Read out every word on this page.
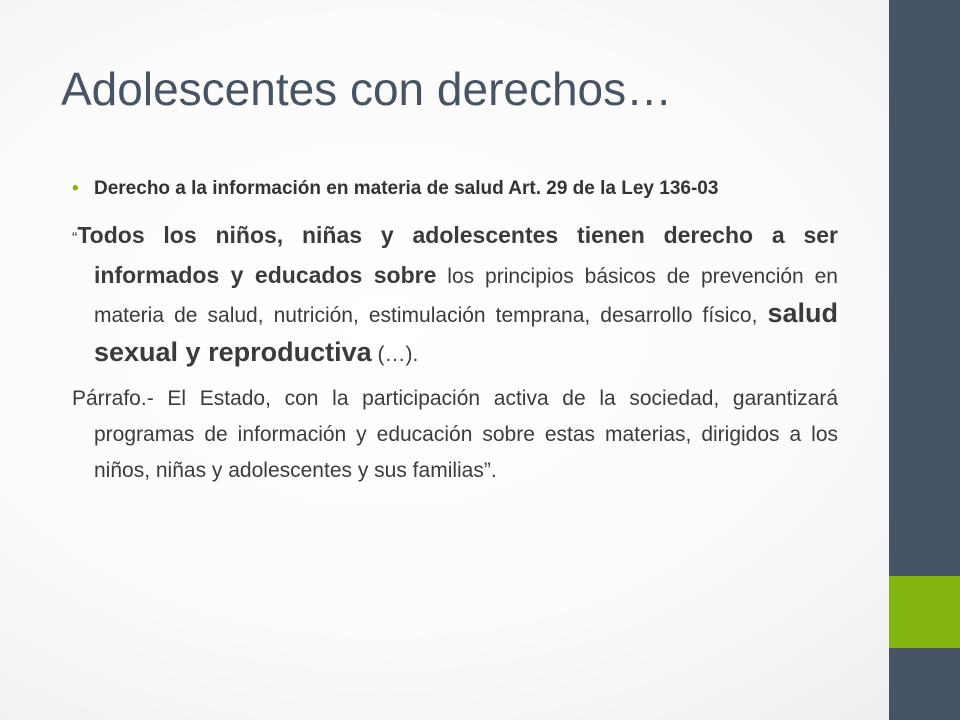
Adolescentes con derechos…
• Derecho a la información en materia de salud Art. 29 de la Ley 136-03
“Todos los niños, niñas y adolescentes tienen derecho a ser informados y educados sobre los principios básicos de prevención en materia de salud, nutrición, estimulación temprana, desarrollo físico, salud sexual y reproductiva (…).
Párrafo.- El Estado, con la participación activa de la sociedad, garantizará programas de información y educación sobre estas materias, dirigidos a los niños, niñas y adolescentes y sus familias”.
